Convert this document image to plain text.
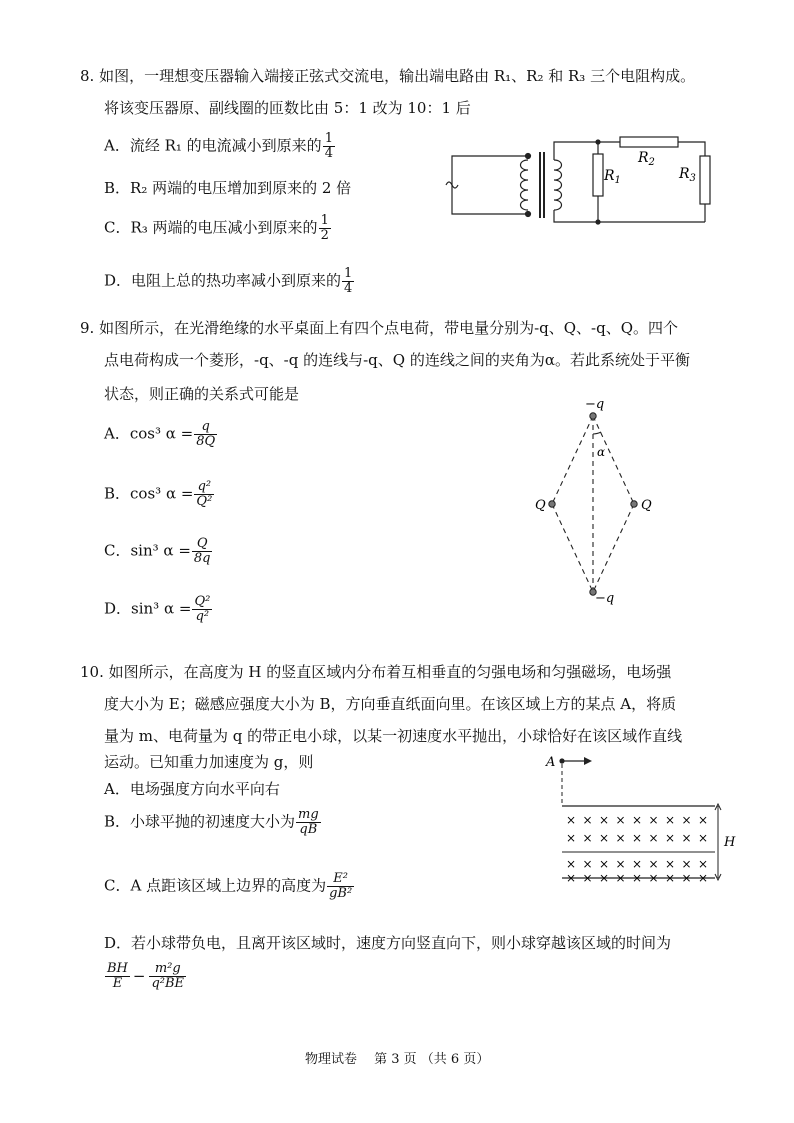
8. 如图，一理想变压器输入端接正弦式交流电，输出端电路由 R₁、R₂ 和 R₃ 三个电阻构成。
将该变压器原、副线圈的匝数比由 5：1 改为 10：1 后
A．流经 R₁ 的电流减小到原来的 $\frac{1}{4}$
B．R₂ 两端的电压增加到原来的 2 倍
C．R₃ 两端的电压减小到原来的 $\frac{1}{2}$
D．电阻上总的热功率减小到原来的 $\frac{1}{4}$
$R_1$
$R_2$
$R_3$
9. 如图所示，在光滑绝缘的水平桌面上有四个点电荷，带电量分别为-q、Q、-q、Q。四个
点电荷构成一个菱形，-q、-q 的连线与-q、Q 的连线之间的夹角为α。若此系统处于平衡
状态，则正确的关系式可能是
A．cos³ $\alpha = \frac{q}{8Q}$
B．cos³ $\alpha = \frac{\text{q²}}{\text{Q²}}$
C．sin³ $\alpha = \frac{Q}{8q}$
D．sin³ $\alpha = \frac{\text{Q²}}{\text{q²}}$
−q
α
Q	Q
−q
10. 如图所示，在高度为 H 的竖直区域内分布着互相垂直的匀强电场和匀强磁场，电场强
度大小为 E；磁感应强度大小为 B，方向垂直纸面向里。在该区域上方的某点 A，将质
量为 m、电荷量为 q 的带正电小球，以某一初速度水平抛出，小球恰好在该区域作直线
运动。已知重力加速度为 g，则
A．电场强度方向水平向右
B．小球平抛的初速度大小为 $\frac{mg}{qB}$
C．A 点距该区域上边界的高度为 $\frac{\text{E²}}{\text{gB²}}$
D．若小球带负电，且离开该区域时，速度方向竖直向下，则小球穿越该区域的时间为
$\frac{BH}{E} - \frac{\text{m²g}}{\text{q²BE}}$
A
H
× × × × × × × × ×
× × × × × × × × ×
× × × × × × × × ×
× × × × × × × × ×
物理试卷　 第 3 页 （共 6 页）
